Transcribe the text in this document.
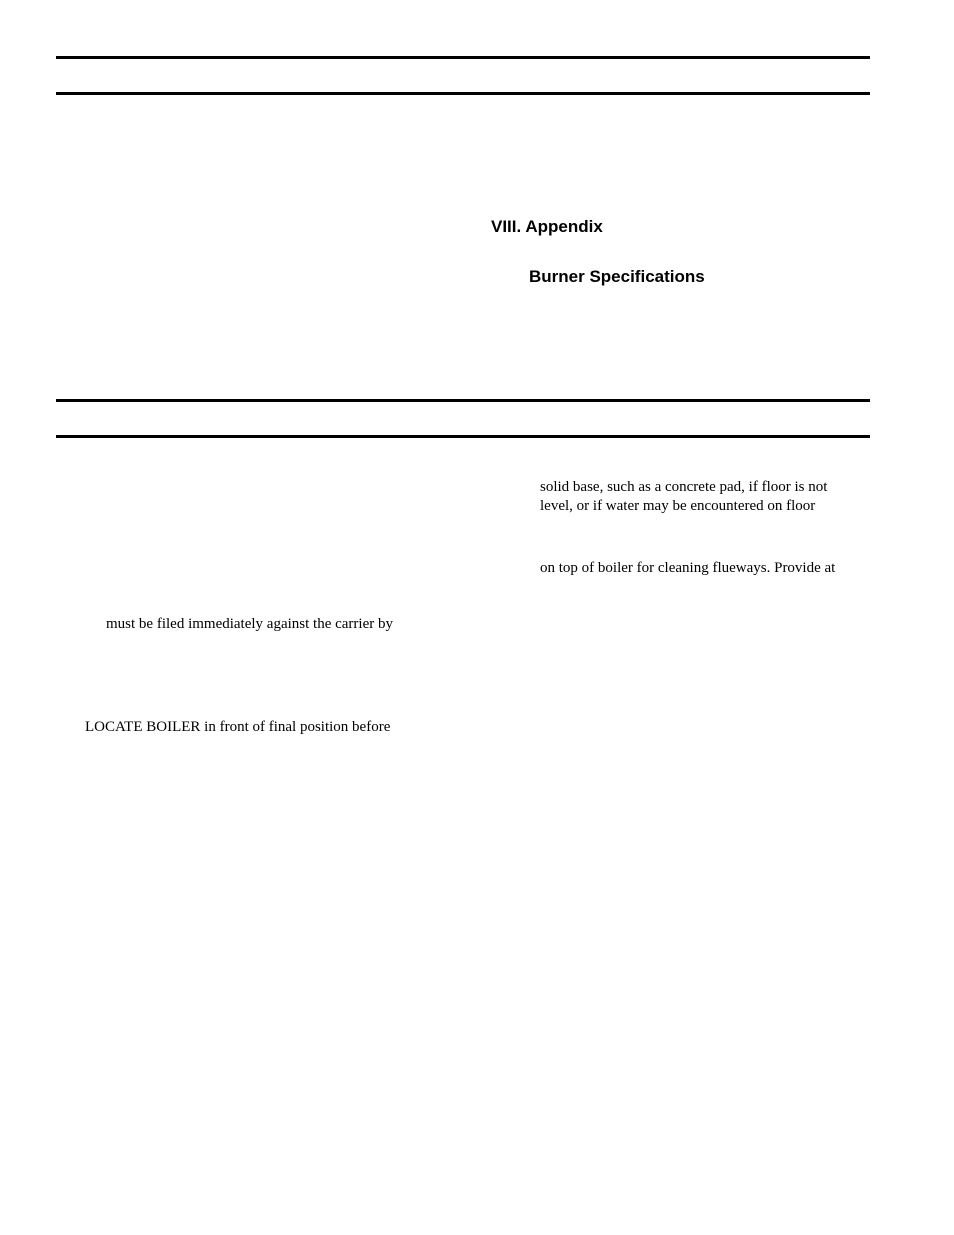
VIII. Appendix
Burner Specifications
solid base, such as a concrete pad, if floor is not
level, or if water may be encountered on floor
on top of boiler for cleaning flueways. Provide at
must be filed immediately against the carrier by
LOCATE BOILER in front of final position before
